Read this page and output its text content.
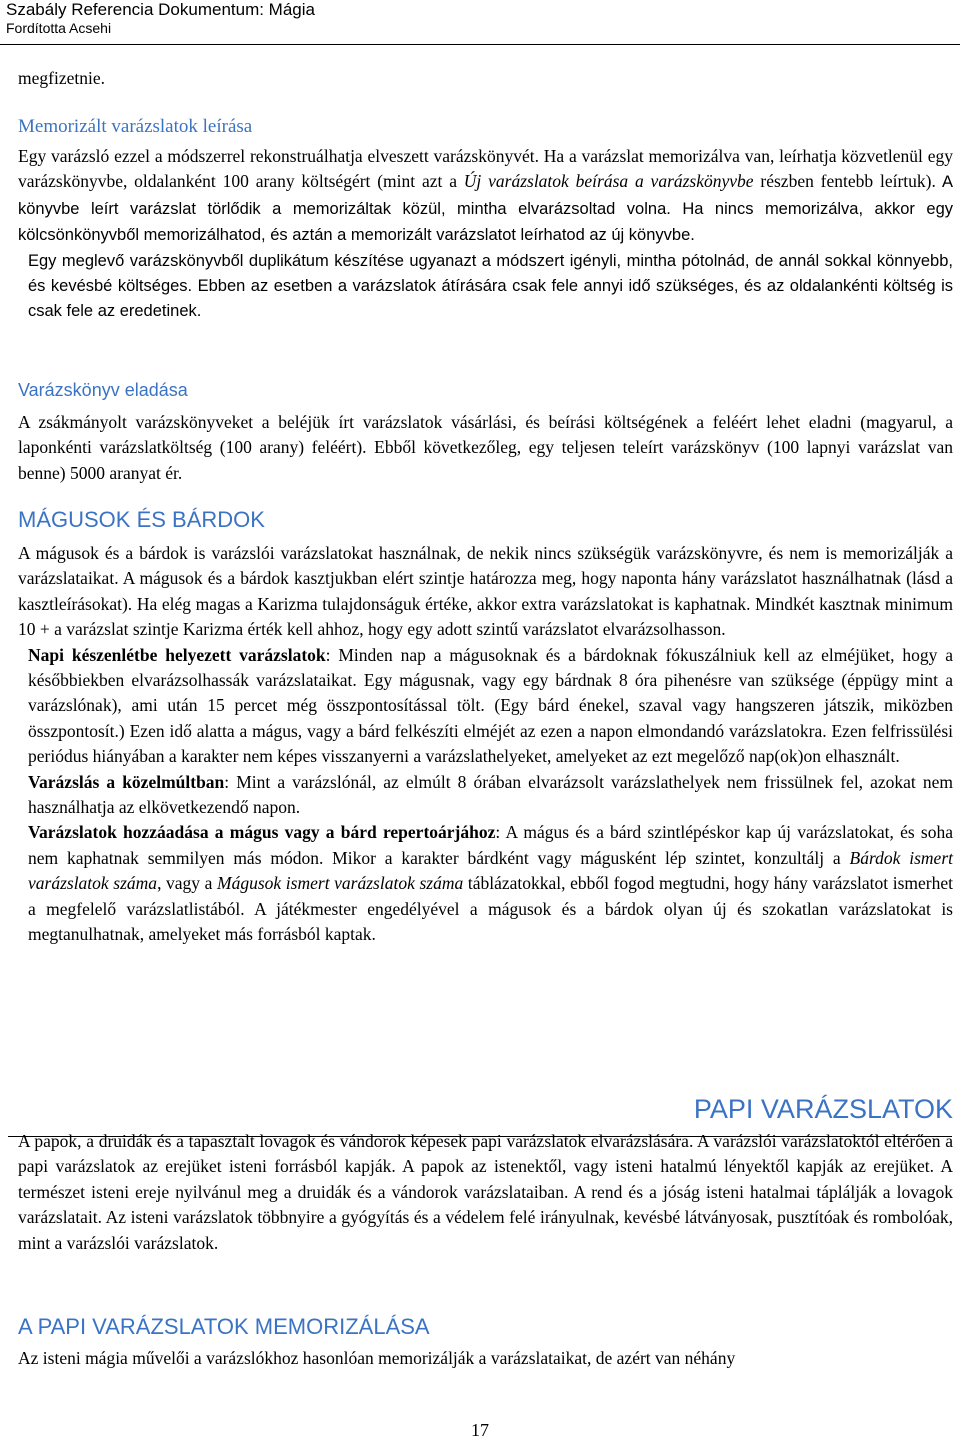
Szabály Referencia Dokumentum: Mágia
Fordította Acsehi

megfizetnie.

Memorizált varázslatok leírása

Egy varázsló ezzel a módszerrel rekonstruálhatja elveszett varázskönyvét. Ha a varázslat memorizálva van, leírhatja közvetlenül egy varázskönyvbe, oldalanként 100 arany költségért (mint azt a Új varázslatok beírása a varázskönyvbe részben fentebb leírtuk). A könyvbe leírt varázslat törlődik a memorizáltak közül, mintha elvarázsoltad volna. Ha nincs memorizálva, akkor egy kölcsönkönyvből memorizálhatod, és aztán a memorizált varázslatot leírhatod az új könyvbe.

Egy meglevő varázskönyvből duplikátum készítése ugyanazt a módszert igényli, mintha pótolnád, de annál sokkal könnyebb, és kevésbé költséges. Ebben az esetben a varázslatok átírására csak fele annyi idő szükséges, és az oldalankénti költség is csak fele az eredetinek.

Varázskönyv eladása

A zsákmányolt varázskönyveket a beléjük írt varázslatok vásárlási, és beírási költségének a feléért lehet eladni (magyarul, a laponkénti varázslatköltség (100 arany) feléért). Ebből következőleg, egy teljesen teleírt varázskönyv (100 lapnyi varázslat van benne) 5000 aranyat ér.

MÁGUSOK ÉS BÁRDOK

A mágusok és a bárdok is varázslói varázslatokat használnak, de nekik nincs szükségük varázskönyvre, és nem is memorizálják a varázslataikat. A mágusok és a bárdok kasztjukban elért szintje határozza meg, hogy naponta hány varázslatot használhatnak (lásd a kasztleírásokat). Ha elég magas a Karizma tulajdonságuk értéke, akkor extra varázslatokat is kaphatnak. Mindkét kasztnak minimum 10 + a varázslat szintje Karizma érték kell ahhoz, hogy egy adott szintű varázslatot elvarázsolhasson.

Napi készenlétbe helyezett varázslatok: Minden nap a mágusoknak és a bárdoknak fókuszálniuk kell az elméjüket, hogy a későbbiekben elvarázsolhassák varázslataikat. Egy mágusnak, vagy egy bárdnak 8 óra pihenésre van szüksége (éppügy mint a varázslónak), ami után 15 percet még összpontosítással tölt. (Egy bárd énekel, szaval vagy hangszeren játszik, miközben összpontosít.) Ezen idő alatta a mágus, vagy a bárd felkészíti elméjét az ezen a napon elmondandó varázslatokra. Ezen felfrissülési periódus hiányában a karakter nem képes visszanyerni a varázslathelyeket, amelyeket az ezt megelőző nap(ok)on elhasznált.

Varázslás a közelmúltban: Mint a varázslónál, az elmúlt 8 órában elvarázsolt varázslathelyek nem frissülnek fel, azokat nem használhatja az elkövetkezendő napon.

Varázslatok hozzáadása a mágus vagy a bárd repertoárjához: A mágus és a bárd szintlépéskor kap új varázslatokat, és soha nem kaphatnak semmilyen más módon. Mikor a karakter bárdként vagy mágusként lép szintet, konzultálj a Bárdok ismert varázslatok száma, vagy a Mágusok ismert varázslatok száma táblázatokkal, ebből fogod megtudni, hogy hány varázslatot ismerhet a megfelelő varázslatlistából. A játékmester engedélyével a mágusok és a bárdok olyan új és szokatlan varázslatokat is megtanulhatnak, amelyeket más forrásból kaptak.

PAPI VARÁZSLATOK

A papok, a druidák és a tapasztalt lovagok és vándorok képesek papi varázslatok elvarázslására. A varázslói varázslatoktól eltérően a papi varázslatok az erejüket isteni forrásból kapják. A papok az istenektől, vagy isteni hatalmú lényektől kapják az erejüket. A természet isteni ereje nyilvánul meg a druidák és a vándorok varázslataiban. A rend és a jóság isteni hatalmai táplálják a lovagok varázslatait. Az isteni varázslatok többnyire a gyógyítás és a védelem felé irányulnak, kevésbé látványosak, pusztítóak és rombolóak, mint a varázslói varázslatok.

A PAPI VARÁZSLATOK MEMORIZÁLÁSA

Az isteni mágia művelői a varázslókhoz hasonlóan memorizálják a varázslataikat, de azért van néhány

17
